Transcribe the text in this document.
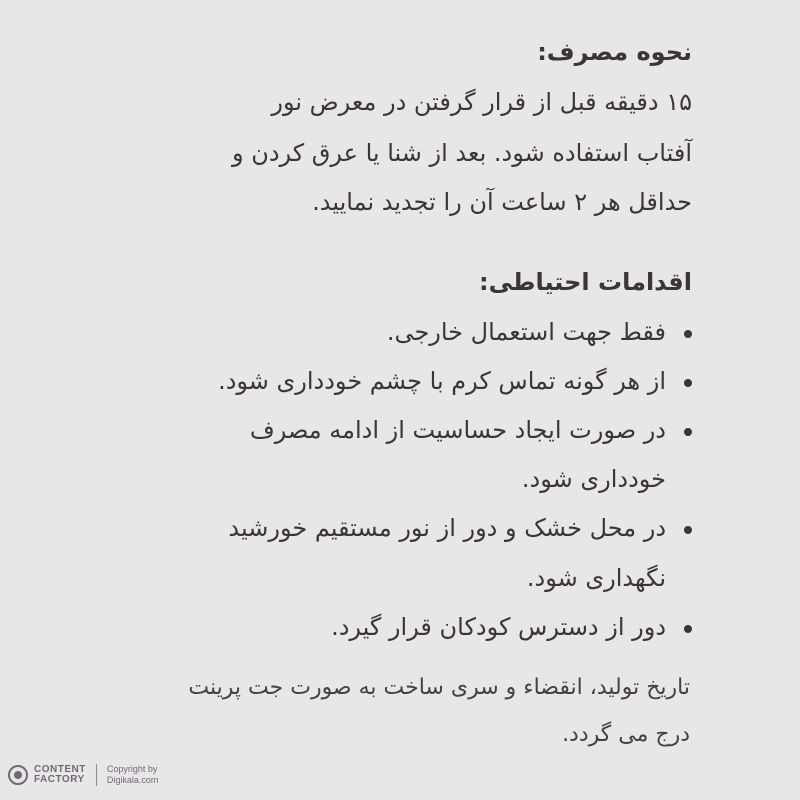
نحوه مصرف:
۱۵ دقیقه قبل از قرار گرفتن در معرض نور
آفتاب استفاده شود. بعد از شنا یا عرق کردن و
حداقل هر ۲ ساعت آن را تجدید نمایید.
اقدامات احتیاطی:
فقط جهت استعمال خارجی.
از هر گونه تماس کرم با چشم خودداری شود.
در صورت ایجاد حساسیت از ادامه مصرف
خودداری شود.
در محل خشک و دور از نور مستقیم خورشید
نگهداری شود.
دور از دسترس کودکان قرار گیرد.
تاریخ تولید، انقضاء و سری ساخت به صورت جت پرینت
درج می گردد.
CONTENT
FACTORY
Copyright by
Digikala.com
